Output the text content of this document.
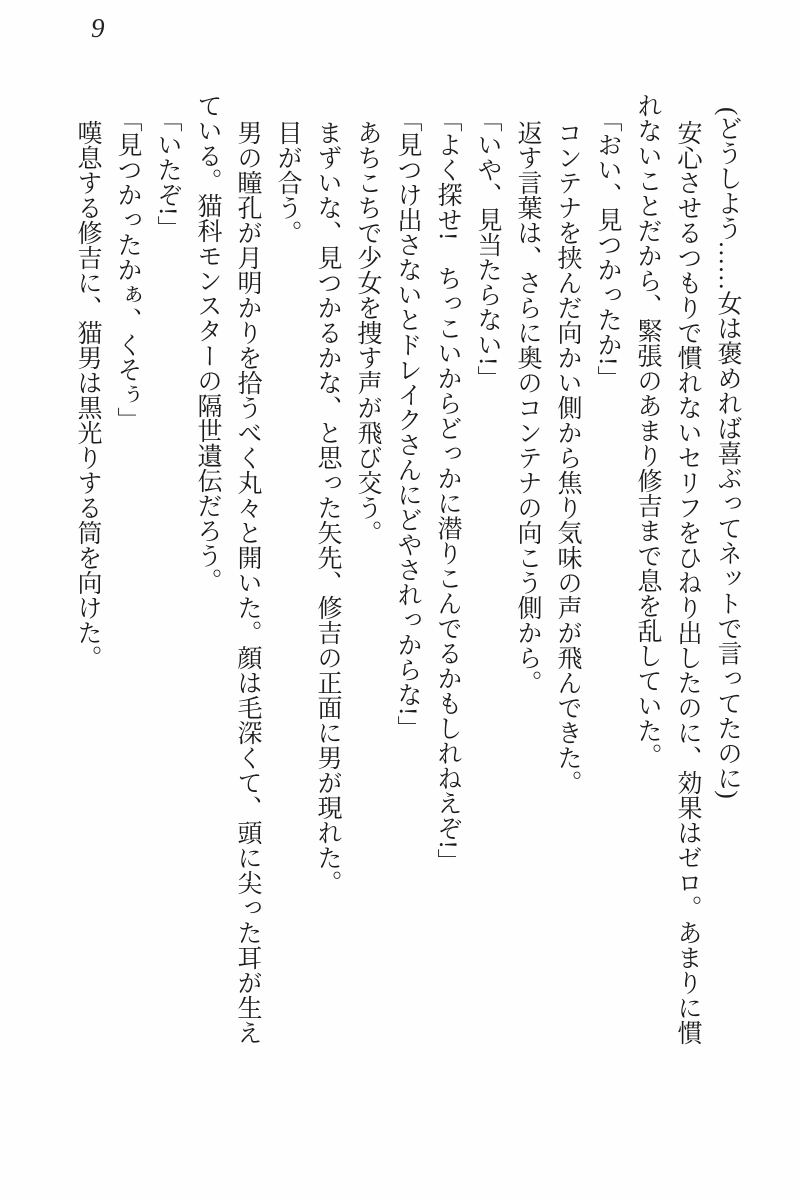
9

(どうしよう……女は褒めれば喜ぶってネットで言ってたのに)

安心させるつもりで慣れないセリフをひねり出したのに、効果はゼロ。あまりに慣

れないことだから、緊張のあまり修吉まで息を乱していた。

「おい、見つかったか!」

コンテナを挟んだ向かい側から焦り気味の声が飛んできた。

返す言葉は、さらに奥のコンテナの向こう側から。

「いや、見当たらない!」

「よく探せ!　ちっこいからどっかに潜りこんでるかもしれねえぞ!」

「見つけ出さないとドレイクさんにどやされっからな!」

あちこちで少女を捜す声が飛び交う。

まずいな、見つかるかな、と思った矢先、修吉の正面に男が現れた。

目が合う。

男の瞳孔が月明かりを拾うべく丸々と開いた。顔は毛深くて、頭に尖った耳が生え

ている。猫科モンスターの隔世遺伝だろう。

「いたぞ!」

「見つかったかぁ、くそぅ」

嘆息する修吉に、猫男は黒光りする筒を向けた。
